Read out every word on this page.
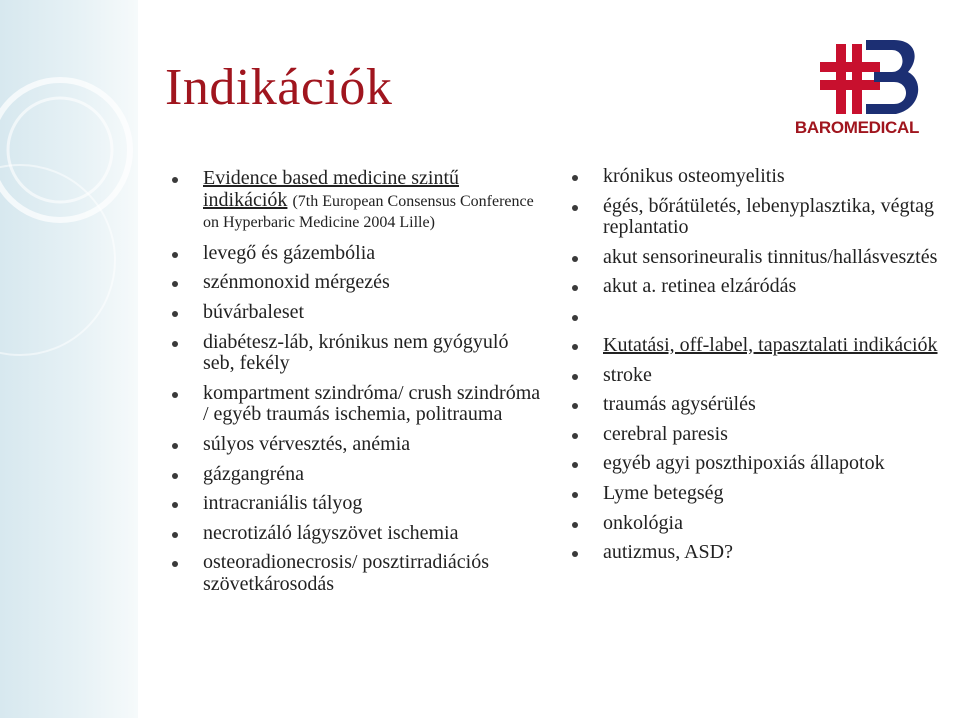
Indikációk
BAROMEDICAL
Evidence based medicine szintű indikációk (7th European Consensus Conference on Hyperbaric Medicine 2004 Lille)
levegő és gázembólia
szénmonoxid mérgezés
búvárbaleset
diabétesz-láb, krónikus nem gyógyuló seb, fekély
kompartment szindróma/ crush szindróma / egyéb traumás ischemia, politrauma
súlyos vérvesztés, anémia
gázgangréna
intracraniális tályog
necrotizáló lágyszövet ischemia
osteoradionecrosis/ posztirradiációs szövetkárosodás
krónikus osteomyelitis
égés, bőrátületés, lebenyplasztika, végtag replantatio
akut sensorineuralis tinnitus/hallásvesztés
akut a. retinea elzáródás
Kutatási, off-label, tapasztalati indikációk
stroke
traumás agysérülés
cerebral paresis
egyéb agyi poszthipoxiás állapotok
Lyme betegség
onkológia
autizmus, ASD?
